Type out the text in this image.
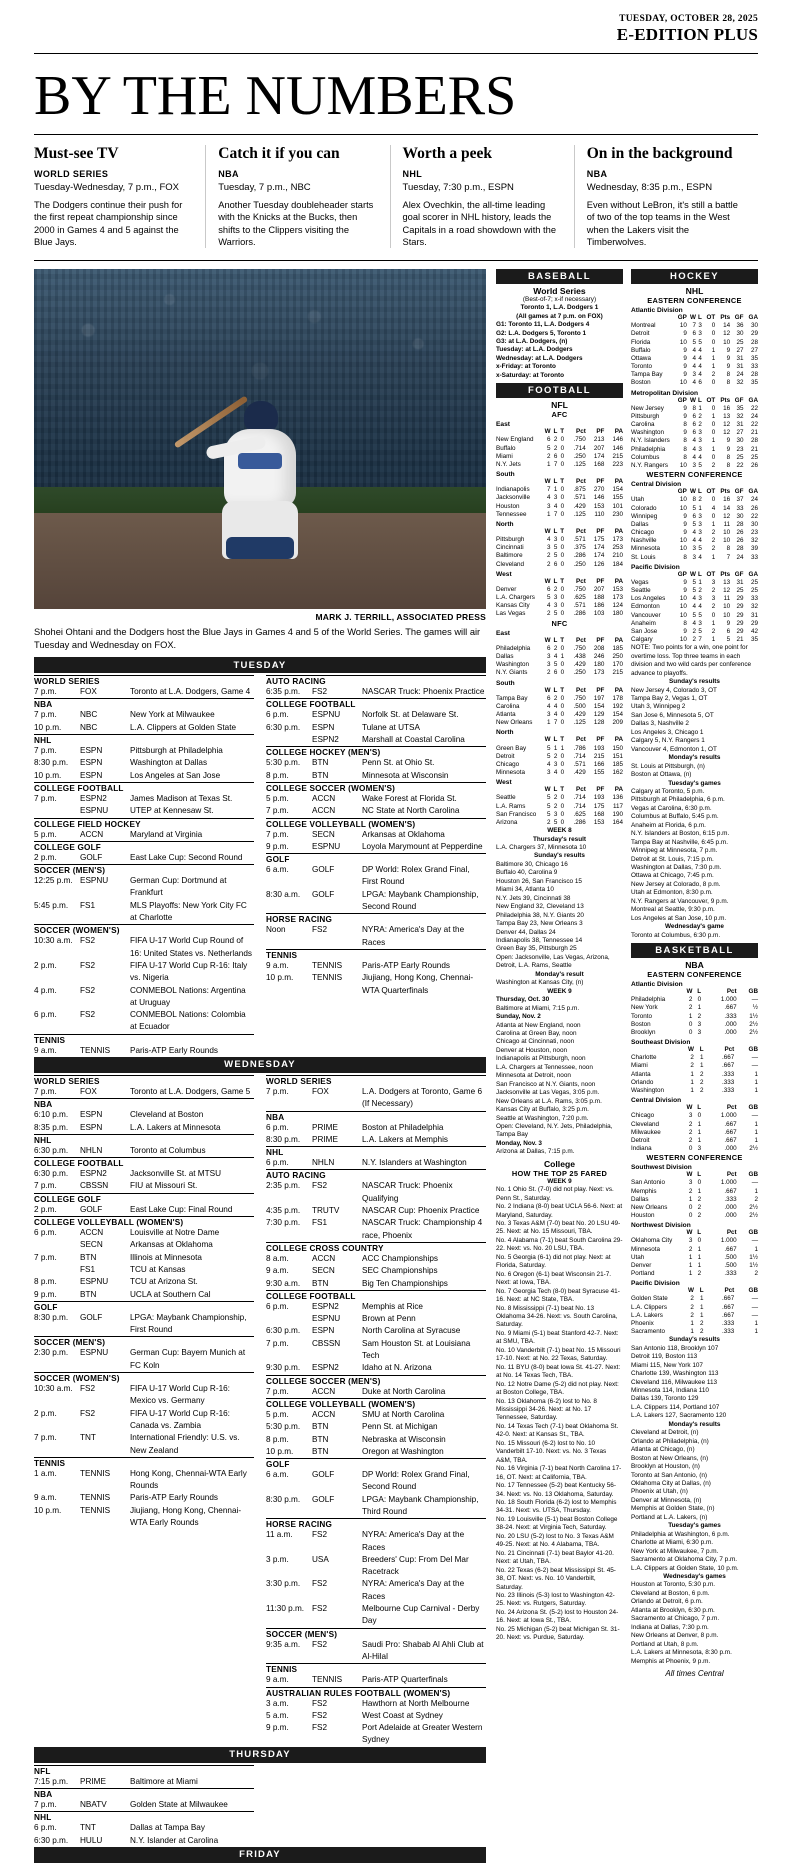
TUESDAY, OCTOBER 28, 2025
E-EDITION PLUS
BY THE NUMBERS
Must-see TV
WORLD SERIES
Tuesday-Wednesday, 7 p.m., FOX

The Dodgers continue their push for the first repeat championship since 2000 in Games 4 and 5 against the Blue Jays.

Catch it if you can
NBA
Tuesday, 7 p.m., NBC

Another Tuesday doubleheader starts with the Knicks at the Bucks, then shifts to the Clippers visiting the Warriors.

Worth a peek
NHL
Tuesday, 7:30 p.m., ESPN

Alex Ovechkin, the all-time leading goal scorer in NHL history, leads the Capitals in a road showdown with the Stars.

On in the background
NBA
Wednesday, 8:35 p.m., ESPN

Even without LeBron, it's still a battle of two of the top teams in the West when the Lakers visit the Timberwolves.

MARK J. TERRILL, ASSOCIATED PRESS
Shohei Ohtani and the Dodgers host the Blue Jays in Games 4 and 5 of the World Series. The games will air Tuesday and Wednesday on FOX.
TUESDAY
WORLD SERIES
7 p.m.	FOX	Toronto at L.A. Dodgers, Game 4
NBA
7 p.m.	NBC	New York at Milwaukee
10 p.m.	NBC	L.A. Clippers at Golden State
NHL
7 p.m.	ESPN	Pittsburgh at Philadelphia
8:30 p.m.	ESPN	Washington at Dallas
10 p.m.	ESPN	Los Angeles at San Jose
COLLEGE FOOTBALL
7 p.m.	ESPN2	James Madison at Texas St.
ESPNU	UTEP at Kennesaw St.
COLLEGE FIELD HOCKEY
5 p.m.	ACCN	Maryland at Virginia
COLLEGE GOLF
2 p.m.	GOLF	East Lake Cup: Second Round
SOCCER (MEN'S)
12:25 p.m. ESPNU	German Cup: Dortmund at Frankfurt
5:45 p.m.	FS1	MLS Playoffs: New York City FC at Charlotte
SOCCER (WOMEN'S)
10:30 a.m. FS2	FIFA U-17 World Cup Round of 16: United States vs. Netherlands
2 p.m.	FS2	FIFA U-17 World Cup R-16: Italy vs. Nigeria
4 p.m.	FS2	CONMEBOL Nations: Argentina at Uruguay
6 p.m.	FS2	CONMEBOL Nations: Colombia at Ecuador
TENNIS
9 a.m.	TENNIS	Paris-ATP Early Rounds
AUTO RACING
6:35 p.m.	FS2	NASCAR Truck: Phoenix Practice
COLLEGE FOOTBALL
6 p.m.	ESPNU	Norfolk St. at Delaware St.
6:30 p.m.	ESPN	Tulane at UTSA
ESPN2	Marshall at Coastal Carolina
COLLEGE HOCKEY (MEN'S)
5:30 p.m.	BTN	Penn St. at Ohio St.
8 p.m.	BTN	Minnesota at Wisconsin
COLLEGE SOCCER (WOMEN'S)
5 p.m.	ACCN	Wake Forest at Florida St.
7 p.m.	ACCN	NC State at North Carolina
COLLEGE VOLLEYBALL (WOMEN'S)
7 p.m.	SECN	Arkansas at Oklahoma
9 p.m.	ESPNU	Loyola Marymount at Pepperdine
GOLF
6 a.m.	GOLF	DP World: Rolex Grand Final, First Round
8:30 a.m.	GOLF	LPGA: Maybank Championship, Second Round
HORSE RACING
Noon	FS2	NYRA: America's Day at the Races
TENNIS
9 a.m.	TENNIS	Paris-ATP Early Rounds
10 p.m.	TENNIS	Jiujiang, Hong Kong, Chennai-WTA Quarterfinals
WEDNESDAY
WORLD SERIES
7 p.m.	FOX	Toronto at L.A. Dodgers, Game 5
NBA
6:10 p.m.	ESPN	Cleveland at Boston
8:35 p.m.	ESPN	L.A. Lakers at Minnesota
NHL
6:30 p.m.	NHLN	Toronto at Columbus
COLLEGE FOOTBALL
6:30 p.m.	ESPN2	Jacksonville St. at MTSU
7 p.m.	CBSSN	FIU at Missouri St.
COLLEGE GOLF
2 p.m.	GOLF	East Lake Cup: Final Round
COLLEGE VOLLEYBALL (WOMEN'S)
6 p.m.	ACCN	Louisville at Notre Dame
SECN	Arkansas at Oklahoma
7 p.m.	BTN	Illinois at Minnesota
FS1	TCU at Kansas
8 p.m.	ESPNU	TCU at Arizona St.
9 p.m.	BTN	UCLA at Southern Cal
GOLF
8:30 p.m.	GOLF	LPGA: Maybank Championship, First Round
SOCCER (MEN'S)
2:30 p.m.	ESPNU	German Cup: Bayern Munich at FC Koln
SOCCER (WOMEN'S)
10:30 a.m. FS2	FIFA U-17 World Cup R-16: Mexico vs. Germany
2 p.m.	FS2	FIFA U-17 World Cup R-16: Canada vs. Zambia
7 p.m.	TNT	International Friendly: U.S. vs. New Zealand
TENNIS
1 a.m.	TENNIS	Hong Kong, Chennai-WTA Early Rounds
9 a.m.	TENNIS	Paris-ATP Early Rounds
10 p.m.	TENNIS	Jiujiang, Hong Kong, Chennai-WTA Early Rounds
WORLD SERIES
7 p.m.	FOX	L.A. Dodgers at Toronto, Game 6 (If Necessary)
NBA
6 p.m.	PRIME	Boston at Philadelphia
8:30 p.m.	PRIME	L.A. Lakers at Memphis
NHL
6 p.m.	NHLN	N.Y. Islanders at Washington
AUTO RACING
2:35 p.m.	FS2	NASCAR Truck: Phoenix Qualifying
4:35 p.m.	TRUTV	NASCAR Cup: Phoenix Practice
7:30 p.m.	FS1	NASCAR Truck: Championship 4 race, Phoenix
COLLEGE CROSS COUNTRY
8 a.m.	ACCN	ACC Championships
9 a.m.	SECN	SEC Championships
9:30 a.m.	BTN	Big Ten Championships
COLLEGE FOOTBALL
6 p.m.	ESPN2	Memphis at Rice
ESPNU	Brown at Penn
6:30 p.m.	ESPN	North Carolina at Syracuse
7 p.m.	CBSSN	Sam Houston St. at Louisiana Tech
9:30 p.m.	ESPN2	Idaho at N. Arizona
COLLEGE SOCCER (MEN'S)
7 p.m.	ACCN	Duke at North Carolina
COLLEGE VOLLEYBALL (WOMEN'S)
5 p.m.	ACCN	SMU at North Carolina
5:30 p.m.	BTN	Penn St. at Michigan
8 p.m.	BTN	Nebraska at Wisconsin
10 p.m.	BTN	Oregon at Washington
GOLF
6 a.m.	GOLF	DP World: Rolex Grand Final, Second Round
8:30 p.m.	GOLF	LPGA: Maybank Championship, Third Round
HORSE RACING
11 a.m.	FS2	NYRA: America's Day at the Races
3 p.m.	USA	Breeders' Cup: From Del Mar Racetrack
3:30 p.m.	FS2	NYRA: America's Day at the Races
11:30 p.m. FS2	Melbourne Cup Carnival - Derby Day
SOCCER (MEN'S)
9:35 a.m.	FS2	Saudi Pro: Shabab Al Ahli Club at Al-Hilal
TENNIS
9 a.m.	TENNIS	Paris-ATP Quarterfinals
AUSTRALIAN RULES FOOTBALL (WOMEN'S)
3 a.m.	FS2	Hawthorn at North Melbourne
5 a.m.	FS2	West Coast at Sydney
9 p.m.	FS2	Port Adelaide at Greater Western Sydney
THURSDAY
NFL
7:15 p.m.	PRIME	Baltimore at Miami
NBA
7 p.m.	NBATV	Golden State at Milwaukee
NHL
6 p.m.	TNT	Dallas at Tampa Bay
6:30 p.m.	HULU	N.Y. Islander at Carolina
FRIDAY
BASEBALL
World Series
(Best-of-7; x-if necessary)
Toronto 1, L.A. Dodgers 1
(All games at 7 p.m. on FOX)
G1: Toronto 11, L.A. Dodgers 4
G2: L.A. Dodgers 5, Toronto 1
G3: at L.A. Dodgers, (n)
Tuesday: at L.A. Dodgers
Wednesday: at L.A. Dodgers
x-Friday: at Toronto
x-Saturday: at Toronto
FOOTBALL
NFL
AFC
East
	W	L	T	Pct	PF	PA
New England	6	2	0	.750	213	146
Buffalo	5	2	0	.714	207	146
Miami	2	6	0	.250	174	215
N.Y. Jets	1	7	0	.125	168	223
South
	W	L	T	Pct	PF	PA
Indianapolis	7	1	0	.875	270	154
Jacksonville	4	3	0	.571	146	155
Houston	3	4	0	.429	153	101
Tennessee	1	7	0	.125	110	230
North
	W	L	T	Pct	PF	PA
Pittsburgh	4	3	0	.571	175	173
Cincinnati	3	5	0	.375	174	253
Baltimore	2	5	0	.286	174	210
Cleveland	2	6	0	.250	126	184
West
	W	L	T	Pct	PF	PA
Denver	6	2	0	.750	207	153
L.A. Chargers	5	3	0	.625	188	173
Kansas City	4	3	0	.571	186	124
Las Vegas	2	5	0	.286	103	180
NFC
East
	W	L	T	Pct	PF	PA
Philadelphia	6	2	0	.750	208	185
Dallas	3	4	1	.438	246	250
Washington	3	5	0	.429	180	170
N.Y. Giants	2	6	0	.250	173	215
South
	W	L	T	Pct	PF	PA
Tampa Bay	6	2	0	.750	197	178
Carolina	4	4	0	.500	154	192
Atlanta	3	4	0	.429	129	154
New Orleans	1	7	0	.125	128	209
North
	W	L	T	Pct	PF	PA
Green Bay	5	1	1	.786	193	150
Detroit	5	2	0	.714	215	151
Chicago	4	3	0	.571	166	185
Minnesota	3	4	0	.429	155	162
West
	W	L	T	Pct	PF	PA
Seattle	5	2	0	.714	193	136
L.A. Rams	5	2	0	.714	175	117
San Francisco	5	3	0	.625	168	190
Arizona	2	5	0	.286	153	164
WEEK 8
Thursday's result
L.A. Chargers 37, Minnesota 10
Sunday's results
Baltimore 30, Chicago 16
Buffalo 40, Carolina 9
Houston 26, San Francisco 15
Miami 34, Atlanta 10
N.Y. Jets 39, Cincinnati 38
New England 32, Cleveland 13
Philadelphia 38, N.Y. Giants 20
Tampa Bay 23, New Orleans 3
Denver 44, Dallas 24
Indianapolis 38, Tennessee 14
Green Bay 35, Pittsburgh 25
Open: Jacksonville, Las Vegas, Arizona, Detroit, L.A. Rams, Seattle
Monday's result
Washington at Kansas City, (n)
WEEK 9
Thursday, Oct. 30
Baltimore at Miami, 7:15 p.m.
Sunday, Nov. 2
Atlanta at New England, noon
Carolina at Green Bay, noon
Chicago at Cincinnati, noon
Denver at Houston, noon
Indianapolis at Pittsburgh, noon
L.A. Chargers at Tennessee, noon
Minnesota at Detroit, noon
San Francisco at N.Y. Giants, noon
Jacksonville at Las Vegas, 3:05 p.m.
New Orleans at L.A. Rams, 3:05 p.m.
Kansas City at Buffalo, 3:25 p.m.
Seattle at Washington, 7:20 p.m.
Open: Cleveland, N.Y. Jets, Philadelphia, Tampa Bay
Monday, Nov. 3
Arizona at Dallas, 7:15 p.m.
College
HOW THE TOP 25 FARED
WEEK 9
No. 1 Ohio St. (7-0) did not play. Next: vs. Penn St., Saturday.
No. 2 Indiana (8-0) beat UCLA 56-6. Next: at Maryland, Saturday.
No. 3 Texas A&M (7-0) beat No. 20 LSU 49-25. Next: at No. 15 Missouri, TBA.
No. 4 Alabama (7-1) beat South Carolina 29-22. Next: vs. No. 20 LSU, TBA.
No. 5 Georgia (6-1) did not play. Next: at Florida, Saturday.
No. 6 Oregon (6-1) beat Wisconsin 21-7. Next: at Iowa, TBA.
No. 7 Georgia Tech (8-0) beat Syracuse 41-16. Next: at NC State, TBA.
No. 8 Mississippi (7-1) beat No. 13 Oklahoma 34-26. Next: vs. South Carolina, Saturday.
No. 9 Miami (5-1) beat Stanford 42-7. Next: at SMU, TBA.
No. 10 Vanderbilt (7-1) beat No. 15 Missouri 17-10. Next: at No. 22 Texas, Saturday.
No. 11 BYU (8-0) beat Iowa St. 41-27. Next: at No. 14 Texas Tech, TBA.
No. 12 Notre Dame (5-2) did not play. Next: at Boston College, TBA.
No. 13 Oklahoma (6-2) lost to No. 8 Mississippi 34-26. Next: at No. 17 Tennessee, Saturday.
No. 14 Texas Tech (7-1) beat Oklahoma St. 42-0. Next: at Kansas St., TBA.
No. 15 Missouri (6-2) lost to No. 10 Vanderbilt 17-10. Next: vs. No. 3 Texas A&M, TBA.
No. 16 Virginia (7-1) beat North Carolina 17-16, OT. Next: at California, TBA.
No. 17 Tennessee (5-2) beat Kentucky 56-34. Next: vs. No. 13 Oklahoma, Saturday.
No. 18 South Florida (6-2) lost to Memphis 34-31. Next: vs. UTSA, Thursday.
No. 19 Louisville (5-1) beat Boston College 38-24. Next: at Virginia Tech, Saturday.
No. 20 LSU (5-2) lost to No. 3 Texas A&M 49-25. Next: at No. 4 Alabama, TBA.
No. 21 Cincinnati (7-1) beat Baylor 41-20. Next: at Utah, TBA.
No. 22 Texas (6-2) beat Mississippi St. 45-38, OT. Next: vs. No. 10 Vanderbilt, Saturday.
No. 23 Illinois (5-3) lost to Washington 42-25. Next: vs. Rutgers, Saturday.
No. 24 Arizona St. (5-2) lost to Houston 24-16. Next: at Iowa St., TBA.
No. 25 Michigan (5-2) beat Michigan St. 31-20. Next: vs. Purdue, Saturday.
HOCKEY
NHL
EASTERN CONFERENCE
Atlantic Division
	GP	W	L	OT	Pts	GF	GA
Montreal	10	7	3	0	14	36	30
Detroit	9	6	3	0	12	30	29
Florida	10	5	5	0	10	25	28
Buffalo	9	4	4	1	9	27	27
Ottawa	9	4	4	1	9	31	35
Toronto	9	4	4	1	9	31	33
Tampa Bay	9	3	4	2	8	24	28
Boston	10	4	6	0	8	32	35
Metropolitan Division
	GP	W	L	OT	Pts	GF	GA
New Jersey	9	8	1	0	16	35	22
Pittsburgh	9	6	2	1	13	32	24
Carolina	8	6	2	0	12	31	22
Washington	9	6	3	0	12	27	21
N.Y. Islanders	8	4	3	1	9	30	28
Philadelphia	8	4	3	1	9	23	21
Columbus	8	4	4	0	8	25	25
N.Y. Rangers	10	3	5	2	8	22	26
WESTERN CONFERENCE
Central Division
	GP	W	L	OT	Pts	GF	GA
Utah	10	8	2	0	16	37	24
Colorado	10	5	1	4	14	33	26
Winnipeg	9	6	3	0	12	30	22
Dallas	9	5	3	1	11	28	30
Chicago	9	4	3	2	10	26	23
Nashville	10	4	4	2	10	26	32
Minnesota	10	3	5	2	8	28	39
St. Louis	8	3	4	1	7	24	33
Pacific Division
	GP	W	L	OT	Pts	GF	GA
Vegas	9	5	1	3	13	31	25
Seattle	9	5	2	2	12	25	25
Los Angeles	10	4	3	3	11	29	33
Edmonton	10	4	4	2	10	29	32
Vancouver	10	5	5	0	10	29	31
Anaheim	8	4	3	1	9	29	29
San Jose	9	2	5	2	6	29	42
Calgary	10	2	7	1	5	21	35
NOTE: Two points for a win, one point for overtime loss. Top three teams in each division and two wild cards per conference advance to playoffs.
Sunday's results
New Jersey 4, Colorado 3, OT
Tampa Bay 2, Vegas 1, OT
Utah 3, Winnipeg 2
San Jose 6, Minnesota 5, OT
Dallas 3, Nashville 2
Los Angeles 3, Chicago 1
Calgary 5, N.Y. Rangers 1
Vancouver 4, Edmonton 1, OT
Monday's results
St. Louis at Pittsburgh, (n)
Boston at Ottawa, (n)
Tuesday's games
Calgary at Toronto, 5 p.m.
Pittsburgh at Philadelphia, 6 p.m.
Vegas at Carolina, 6:30 p.m.
Columbus at Buffalo, 5:45 p.m.
Anaheim at Florida, 6 p.m.
N.Y. Islanders at Boston, 6:15 p.m.
Tampa Bay at Nashville, 6:45 p.m.
Winnipeg at Minnesota, 7 p.m.
Detroit at St. Louis, 7:15 p.m.
Washington at Dallas, 7:30 p.m.
Ottawa at Chicago, 7:45 p.m.
New Jersey at Colorado, 8 p.m.
Utah at Edmonton, 8:30 p.m.
N.Y. Rangers at Vancouver, 9 p.m.
Montreal at Seattle, 9:30 p.m.
Los Angeles at San Jose, 10 p.m.
Wednesday's game
Toronto at Columbus, 6:30 p.m.
BASKETBALL
NBA
EASTERN CONFERENCE
Atlantic Division
	W	L	Pct	GB
Philadelphia	2	0	1.000	—
New York	2	1	.667	½
Toronto	1	2	.333	1½
Boston	0	3	.000	2½
Brooklyn	0	3	.000	2½
Southeast Division
	W	L	Pct	GB
Charlotte	2	1	.667	—
Miami	2	1	.667	—
Atlanta	1	2	.333	1
Orlando	1	2	.333	1
Washington	1	2	.333	1
Central Division
	W	L	Pct	GB
Chicago	3	0	1.000	—
Cleveland	2	1	.667	1
Milwaukee	2	1	.667	1
Detroit	2	1	.667	1
Indiana	0	3	.000	2½
WESTERN CONFERENCE
Southwest Division
	W	L	Pct	GB
San Antonio	3	0	1.000	—
Memphis	2	1	.667	1
Dallas	1	2	.333	2
New Orleans	0	2	.000	2½
Houston	0	2	.000	2½
Northwest Division
	W	L	Pct	GB
Oklahoma City	3	0	1.000	—
Minnesota	2	1	.667	1
Utah	1	1	.500	1½
Denver	1	1	.500	1½
Portland	1	2	.333	2
Pacific Division
	W	L	Pct	GB
Golden State	2	1	.667	—
L.A. Clippers	2	1	.667	—
L.A. Lakers	2	1	.667	—
Phoenix	1	2	.333	1
Sacramento	1	2	.333	1
Sunday's results
San Antonio 118, Brooklyn 107
Detroit 119, Boston 113
Miami 115, New York 107
Charlotte 139, Washington 113
Cleveland 116, Milwaukee 113
Minnesota 114, Indiana 110
Dallas 139, Toronto 129
L.A. Clippers 114, Portland 107
L.A. Lakers 127, Sacramento 120
Monday's results
Cleveland at Detroit, (n)
Orlando at Philadelphia, (n)
Atlanta at Chicago, (n)
Boston at New Orleans, (n)
Brooklyn at Houston, (n)
Toronto at San Antonio, (n)
Oklahoma City at Dallas, (n)
Phoenix at Utah, (n)
Denver at Minnesota, (n)
Memphis at Golden State, (n)
Portland at L.A. Lakers, (n)
Tuesday's games
Philadelphia at Washington, 6 p.m.
Charlotte at Miami, 6:30 p.m.
New York at Milwaukee, 7 p.m.
Sacramento at Oklahoma City, 7 p.m.
L.A. Clippers at Golden State, 10 p.m.
Wednesday's games
Houston at Toronto, 5:30 p.m.
Cleveland at Boston, 6 p.m.
Orlando at Detroit, 6 p.m.
Atlanta at Brooklyn, 6:30 p.m.
Sacramento at Chicago, 7 p.m.
Indiana at Dallas, 7:30 p.m.
New Orleans at Denver, 8 p.m.
Portland at Utah, 8 p.m.
L.A. Lakers at Minnesota, 8:30 p.m.
Memphis at Phoenix, 9 p.m.
All times Central
